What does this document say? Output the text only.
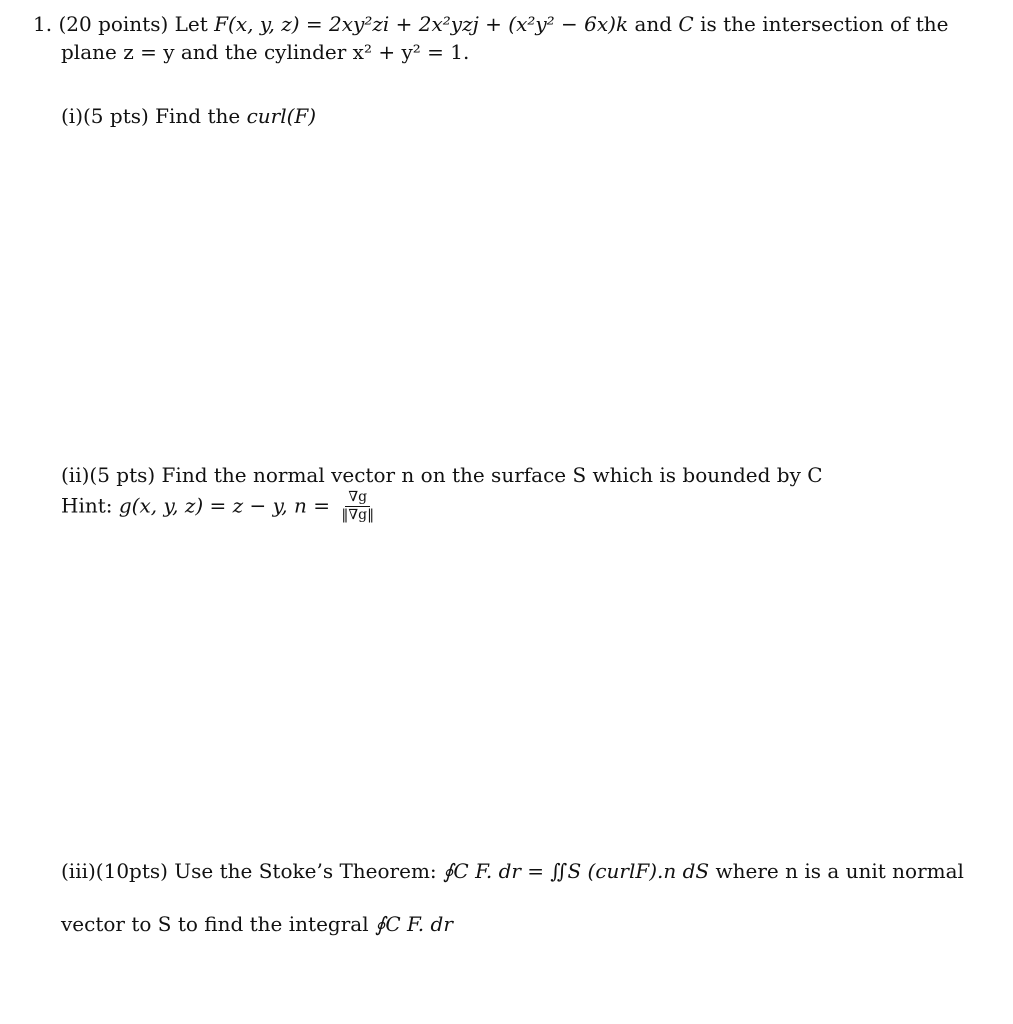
1. (20 points) Let F(x, y, z) = 2xy²zi + 2x²yzj + (x²y² − 6x)k and C is the intersection of the
plane z = y and the cylinder x² + y² = 1.
(i)(5 pts) Find the curl(F)
(ii)(5 pts) Find the normal vector n on the surface S which is bounded by C
Hint: g(x, y, z) = z − y, $n = \frac{\nabla g}{‖\nabla g‖}$
(iii)(10pts) Use the Stoke’s Theorem: ∮C F. dr = ∬S (curlF).n dS where n is a unit normal
vector to S to find the integral ∮C F. dr
